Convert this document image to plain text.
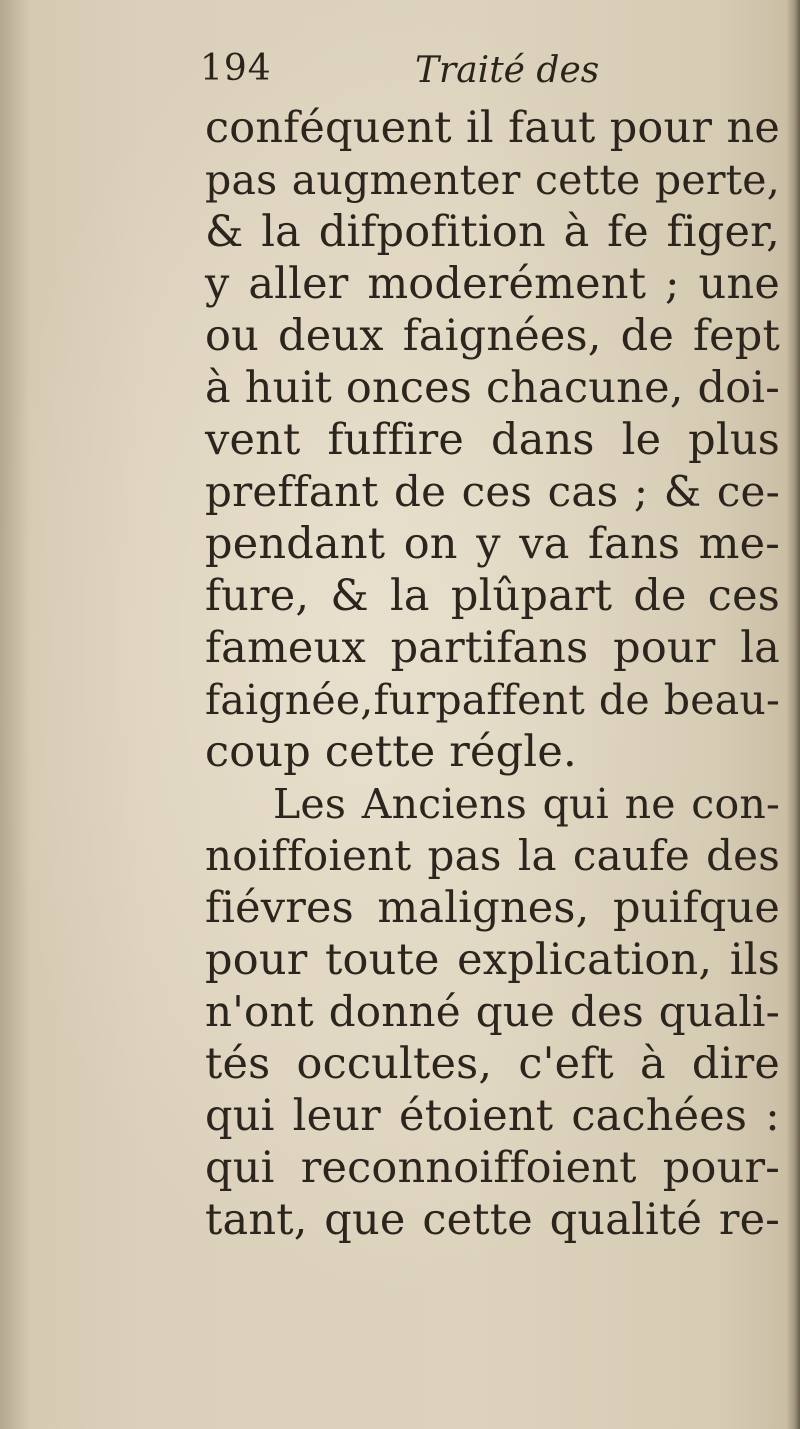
194	Traité des
conféquent il faut pour ne
pas augmenter cette perte,
& la difpofition à fe figer,
y aller moderément ; une
ou deux faignées, de fept
à huit onces chacune, doi-
vent fuffire dans le plus
preffant de ces cas ; & ce-
pendant on y va fans me-
fure, & la plûpart de ces
fameux partifans pour la
faignée,furpaffent de beau-
coup cette régle.
Les Anciens qui ne con-
noiffoient pas la caufe des
fiévres malignes, puifque
pour toute explication, ils
n'ont donné que des quali-
tés occultes, c'eft à dire
qui leur étoient cachées :
qui reconnoiffoient pour-
tant, que cette qualité re-
